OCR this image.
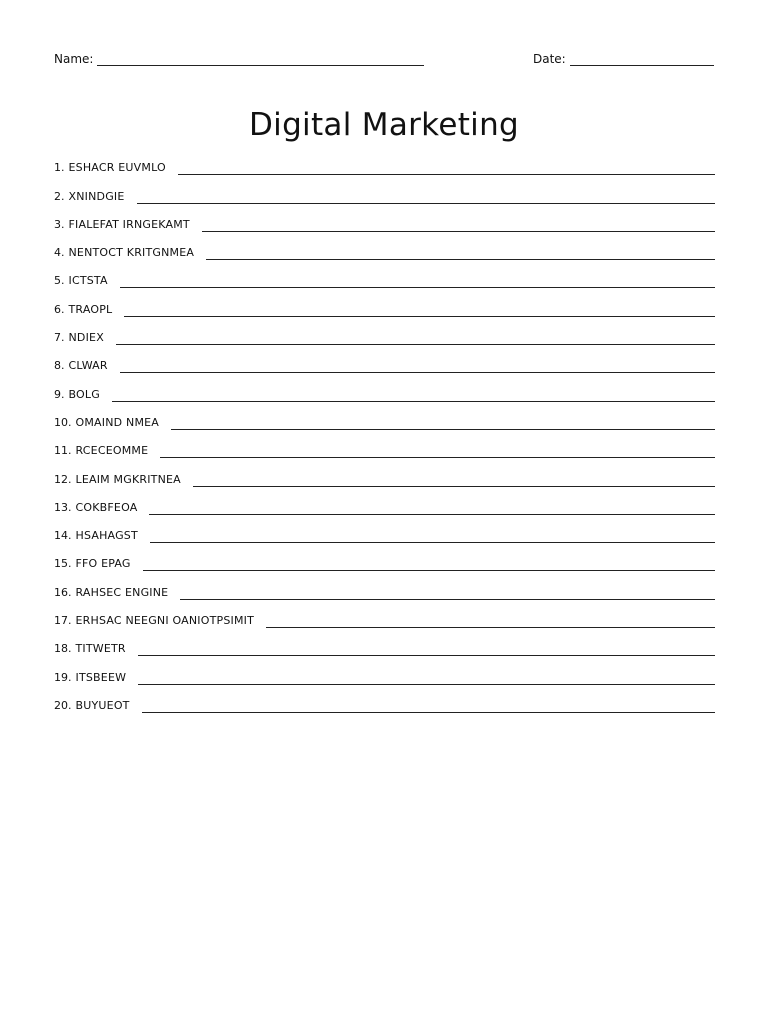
Name:	Date:
Digital Marketing
1. ESHACR EUVMLO
2. XNINDGIE
3. FIALEFAT IRNGEKAMT
4. NENTOCT KRITGNMEA
5. ICTSTA
6. TRAOPL
7. NDIEX
8. CLWAR
9. BOLG
10. OMAIND NMEA
11. RCECEOMME
12. LEAIM MGKRITNEA
13. COKBFEOA
14. HSAHAGST
15. FFO EPAG
16. RAHSEC ENGINE
17. ERHSAC NEEGNI OANIOTPSIMIT
18. TITWETR
19. ITSBEEW
20. BUYUEOT
